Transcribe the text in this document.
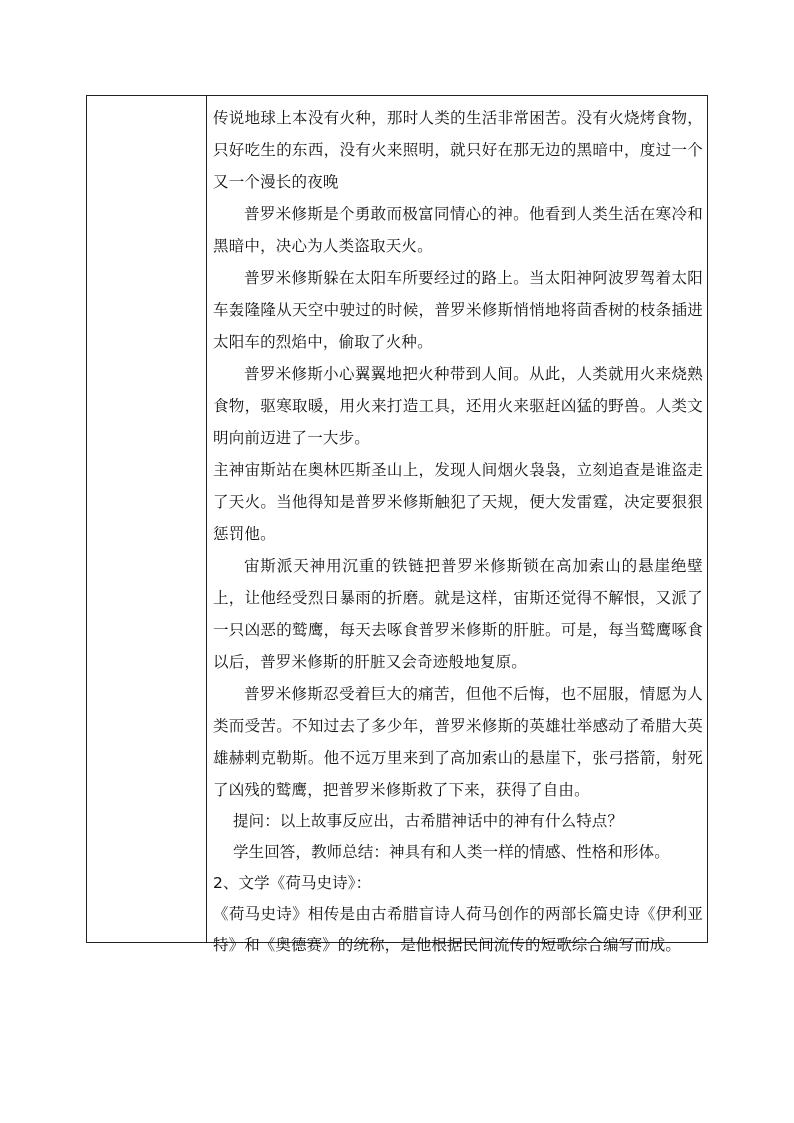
传说地球上本没有火种，那时人类的生活非常困苦。没有火烧烤食物，只好吃生的东西，没有火来照明，就只好在那无边的黑暗中，度过一个又一个漫长的夜晚

普罗米修斯是个勇敢而极富同情心的神。他看到人类生活在寒冷和黑暗中，决心为人类盗取天火。

普罗米修斯躲在太阳车所要经过的路上。当太阳神阿波罗驾着太阳车轰隆隆从天空中驶过的时候，普罗米修斯悄悄地将茴香树的枝条插进太阳车的烈焰中，偷取了火种。

普罗米修斯小心翼翼地把火种带到人间。从此，人类就用火来烧熟食物，驱寒取暖，用火来打造工具，还用火来驱赶凶猛的野兽。人类文明向前迈进了一大步。

主神宙斯站在奥林匹斯圣山上，发现人间烟火袅袅，立刻追查是谁盗走了天火。当他得知是普罗米修斯触犯了天规，便大发雷霆，决定要狠狠惩罚他。

宙斯派天神用沉重的铁链把普罗米修斯锁在高加索山的悬崖绝壁上，让他经受烈日暴雨的折磨。就是这样，宙斯还觉得不解恨，又派了一只凶恶的鹫鹰，每天去啄食普罗米修斯的肝脏。可是，每当鹫鹰啄食以后，普罗米修斯的肝脏又会奇迹般地复原。

普罗米修斯忍受着巨大的痛苦，但他不后悔，也不屈服，情愿为人类而受苦。不知过去了多少年，普罗米修斯的英雄壮举感动了希腊大英雄赫剌克勒斯。他不远万里来到了高加索山的悬崖下，张弓搭箭，射死了凶残的鹫鹰，把普罗米修斯救了下来，获得了自由。

提问：以上故事反应出，古希腊神话中的神有什么特点？

学生回答，教师总结：神具有和人类一样的情感、性格和形体。

2、文学《荷马史诗》：

《荷马史诗》相传是由古希腊盲诗人荷马创作的两部长篇史诗《伊利亚特》和《奥德赛》的统称，是他根据民间流传的短歌综合编写而成。
